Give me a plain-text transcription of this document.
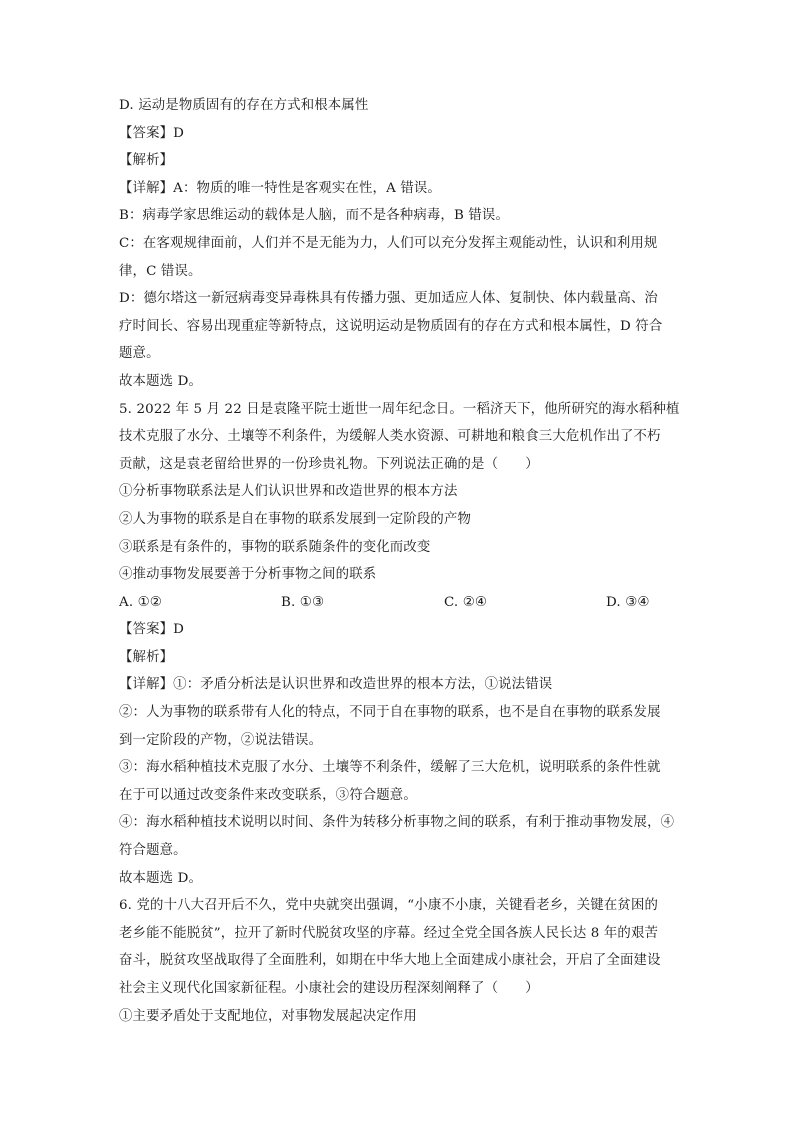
D. 运动是物质固有的存在方式和根本属性
【答案】D
【解析】
【详解】A：物质的唯一特性是客观实在性，A 错误。
B：病毒学家思维运动的载体是人脑，而不是各种病毒，B 错误。
C：在客观规律面前，人们并不是无能为力，人们可以充分发挥主观能动性，认识和利用规
律，C 错误。
D：德尔塔这一新冠病毒变异毒株具有传播力强、更加适应人体、复制快、体内载量高、治
疗时间长、容易出现重症等新特点，这说明运动是物质固有的存在方式和根本属性，D 符合
题意。
故本题选 D。
5. 2022 年 5 月 22 日是袁隆平院士逝世一周年纪念日。一稻济天下，他所研究的海水稻种植
技术克服了水分、土壤等不利条件，为缓解人类水资源、可耕地和粮食三大危机作出了不朽
贡献，这是袁老留给世界的一份珍贵礼物。下列说法正确的是（　　）
①分析事物联系法是人们认识世界和改造世界的根本方法
②人为事物的联系是自在事物的联系发展到一定阶段的产物
③联系是有条件的，事物的联系随条件的变化而改变
④推动事物发展要善于分析事物之间的联系
A. ①②	B. ①③	C. ②④	D. ③④
【答案】D
【解析】
【详解】①：矛盾分析法是认识世界和改造世界的根本方法，①说法错误
②：人为事物的联系带有人化的特点，不同于自在事物的联系，也不是自在事物的联系发展
到一定阶段的产物，②说法错误。
③：海水稻种植技术克服了水分、土壤等不利条件，缓解了三大危机，说明联系的条件性就
在于可以通过改变条件来改变联系，③符合题意。
④：海水稻种植技术说明以时间、条件为转移分析事物之间的联系，有利于推动事物发展，④
符合题意。
故本题选 D。
6. 党的十八大召开后不久，党中央就突出强调，“小康不小康，关键看老乡，关键在贫困的
老乡能不能脱贫”，拉开了新时代脱贫攻坚的序幕。经过全党全国各族人民长达 8 年的艰苦
奋斗，脱贫攻坚战取得了全面胜利，如期在中华大地上全面建成小康社会，开启了全面建设
社会主义现代化国家新征程。小康社会的建设历程深刻阐释了（　　）
①主要矛盾处于支配地位，对事物发展起决定作用
